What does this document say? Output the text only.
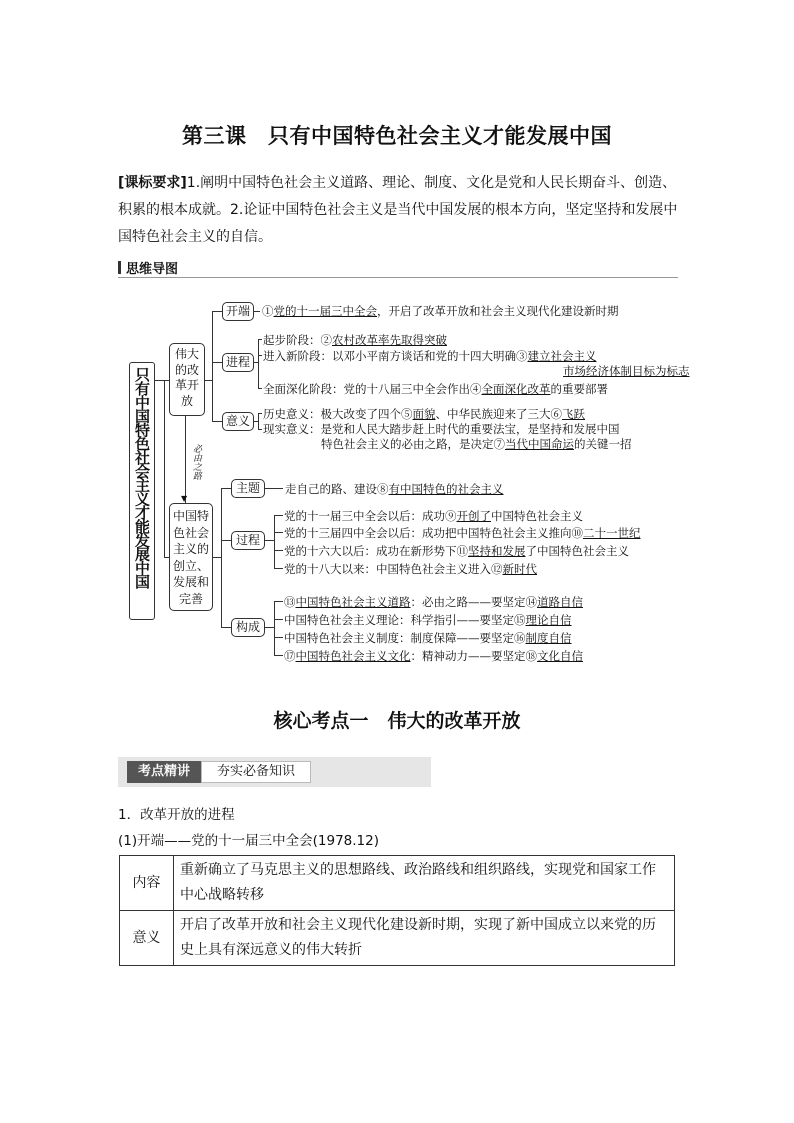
第三课　只有中国特色社会主义才能发展中国
[课标要求]1.阐明中国特色社会主义道路、理论、制度、文化是党和人民长期奋斗、创造、积累的根本成就。2.论证中国特色社会主义是当代中国发展的根本方向，坚定坚持和发展中国特色社会主义的自信。
思维导图
只有中国特色社会主义才能发展中国
伟大的改革开放
▼
必由之路
中国特色社会主义的创立、发展和完善
开端	①党的十一届三中全会，开启了改革开放和社会主义现代化建设新时期
进程
起步阶段：②农村改革率先取得突破
进入新阶段：以邓小平南方谈话和党的十四大明确③建立社会主义
市场经济体制目标为标志
全面深化阶段：党的十八届三中全会作出④全面深化改革的重要部署
意义	历史意义：极大改变了四个⑤面貌、中华民族迎来了三大⑥飞跃
现实意义：是党和人民大踏步赶上时代的重要法宝，是坚持和发展中国
特色社会主义的必由之路，是决定⑦当代中国命运的关键一招
主题	走自己的路、建设⑧有中国特色的社会主义
过程
党的十一届三中全会以后：成功⑨开创了中国特色社会主义
党的十三届四中全会以后：成功把中国特色社会主义推向⑩二十一世纪
党的十六大以后：成功在新形势下⑪坚持和发展了中国特色社会主义
党的十八大以来：中国特色社会主义进入⑫新时代
构成
⑬中国特色社会主义道路：必由之路——要坚定⑭道路自信
中国特色社会主义理论：科学指引——要坚定⑮理论自信
中国特色社会主义制度：制度保障——要坚定⑯制度自信
⑰中国特色社会主义文化：精神动力——要坚定⑱文化自信
核心考点一　伟大的改革开放
考点精讲	夯实必备知识
1．改革开放的进程
(1)开端——党的十一届三中全会(1978.12)
内容	重新确立了马克思主义的思想路线、政治路线和组织路线，实现党和国家工作中心战略转移
意义	开启了改革开放和社会主义现代化建设新时期，实现了新中国成立以来党的历史上具有深远意义的伟大转折
